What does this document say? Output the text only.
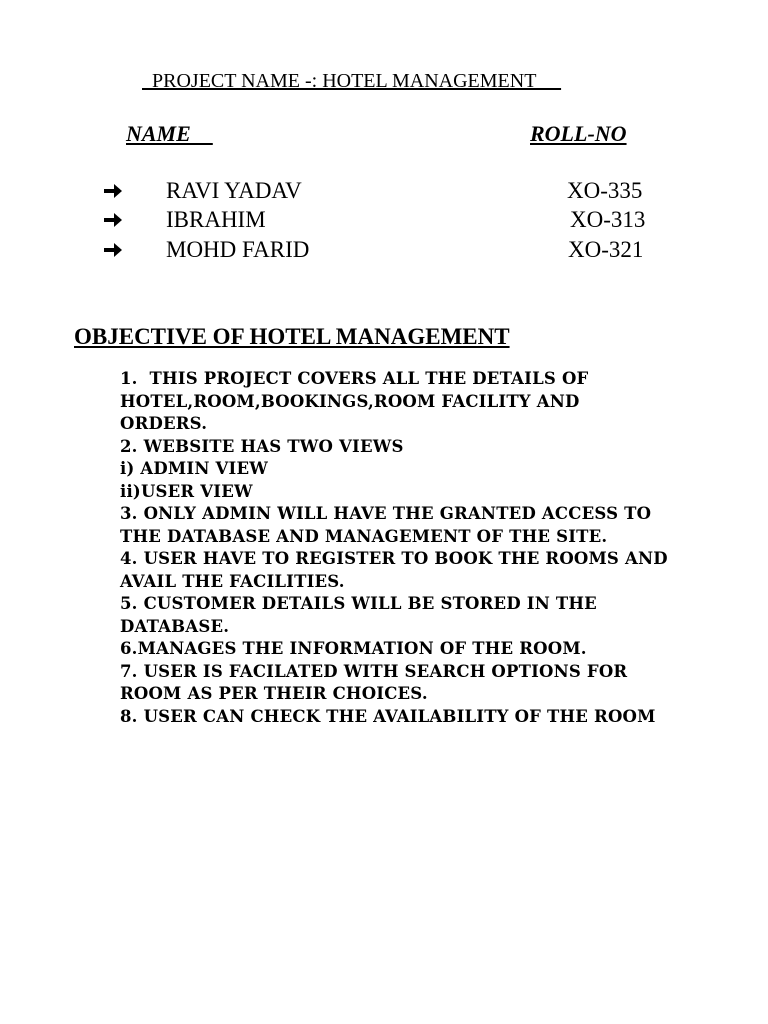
PROJECT NAME -: HOTEL MANAGEMENT
NAME	ROLL-NO
RAVI YADAV	XO-335
IBRAHIM	XO-313
MOHD FARID	XO-321
OBJECTIVE OF HOTEL MANAGEMENT
1.  THIS PROJECT COVERS ALL THE DETAILS OF
HOTEL,ROOM,BOOKINGS,ROOM FACILITY AND
ORDERS.
2. WEBSITE HAS TWO VIEWS
i) ADMIN VIEW
ii)USER VIEW
3. ONLY ADMIN WILL HAVE THE GRANTED ACCESS TO
THE DATABASE AND MANAGEMENT OF THE SITE.
4. USER HAVE TO REGISTER TO BOOK THE ROOMS AND
AVAIL THE FACILITIES.
5. CUSTOMER DETAILS WILL BE STORED IN THE
DATABASE.
6.MANAGES THE INFORMATION OF THE ROOM.
7. USER IS FACILATED WITH SEARCH OPTIONS FOR
ROOM AS PER THEIR CHOICES.
8. USER CAN CHECK THE AVAILABILITY OF THE ROOM
